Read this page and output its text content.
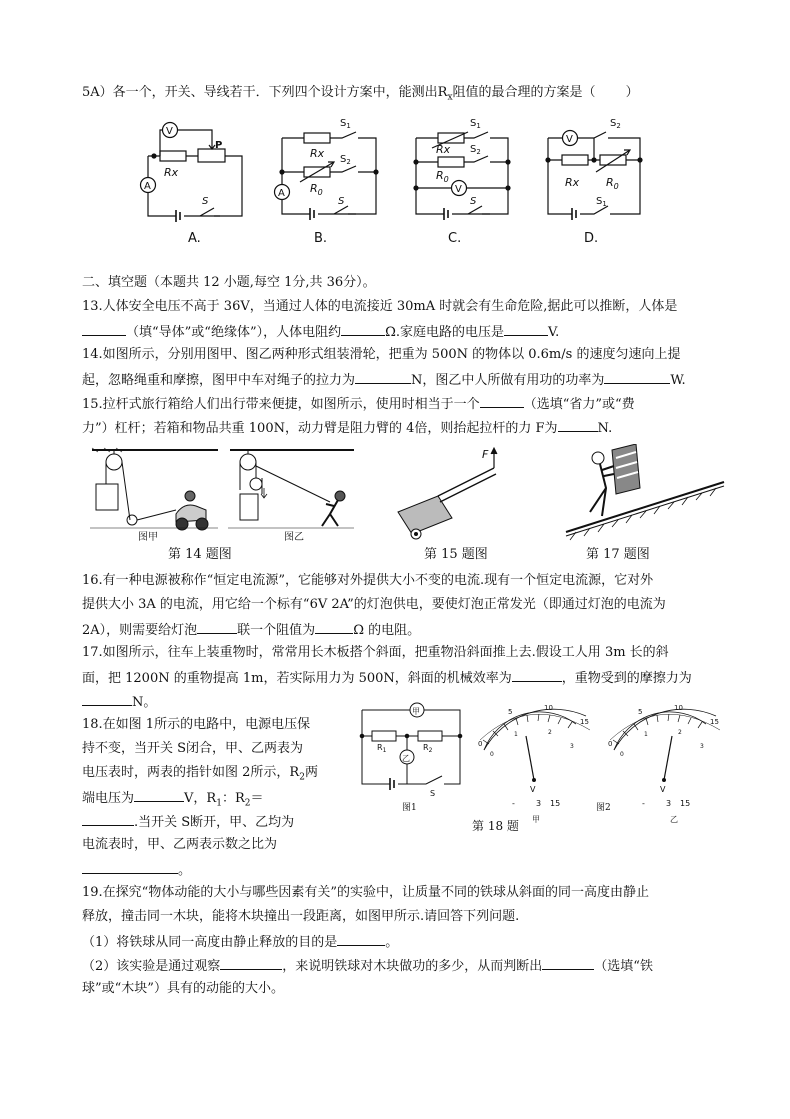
5A）各一个，开关、导线若干．下列四个设计方案中，能测出$R_x$阻值的最合理的方案是（ ）
V
A
P
Rx
S
A.
A
Rx
$R_0$
$S_1$
$S_2$
S
B.
Rx
$R_0$
V
$S_1$
$S_2$
S
C.
V
Rx $R_0$
$S_2$
$S_1$
D.
二、填空题（本题共 12 小题,每空 1分,共 36分）。
13.人体安全电压不高于 36V，当通过人体的电流接近 30mA 时就会有生命危险,据此可以推断，人体是
（填“导体”或“绝缘体”），人体电阻约	Ω.家庭电路的电压是	V.
14.如图所示，分别用图甲、图乙两种形式组装滑轮，把重为 500N 的物体以 0.6m/s 的速度匀速向上提
起，忽略绳重和摩擦，图甲中车对绳子的拉力为	N，图乙中人所做有用功的功率为	W.
15.拉杆式旅行箱给人们出行带来便捷，如图所示，使用时相当于一个	（选填“省力”或“费
力”）杠杆；若箱和物品共重 100N，动力臂是阻力臂的 4倍，则抬起拉杆的力 F为	N.
图甲	图乙
第 14 题图
F
第 15 题图	第 17 题图
16.有一种电源被称作“恒定电流源”，它能够对外提供大小不变的电流.现有一个恒定电流源，它对外
提供大小 3A 的电流，用它给一个标有“6V 2A”的灯泡供电，要使灯泡正常发光（即通过灯泡的电流为
2A），则需要给灯泡	联一个阻值为	Ω 的电阻。
17.如图所示，往车上装重物时，常常用长木板搭个斜面，把重物沿斜面推上去.假设工人用 3m 长的斜
面，把 1200N 的重物提高 1m，若实际用力为 500N，斜面的机械效率为	，重物受到的摩擦力为
N。
18.在如图 1所示的电路中，电源电压保
持不变，当开关 S闭合，甲、乙两表为
电压表时，两表的指针如图 2所示，$R_2$两
端电压为	V，$R_1$：$R_2=$
.当开关 S断开，甲、乙均为
电流表时，甲、乙两表示数之比为
。
甲
乙
$R_1$	$R_2$
S
图1
0
5	10
15
0
1	2
3
V
-	3 15
甲
0
5	10
15
0
1	2
3
V
-	3 15
乙
图2
第 18 题
19.在探究“物体动能的大小与哪些因素有关”的实验中，让质量不同的铁球从斜面的同一高度由静止
释放，撞击同一木块，能将木块撞出一段距离，如图甲所示.请回答下列问题.
（1）将铁球从同一高度由静止释放的目的是	。
（2）该实验是通过观察	，来说明铁球对木块做功的多少，从而判断出	（选填“铁
球”或“木块”）具有的动能的大小。
